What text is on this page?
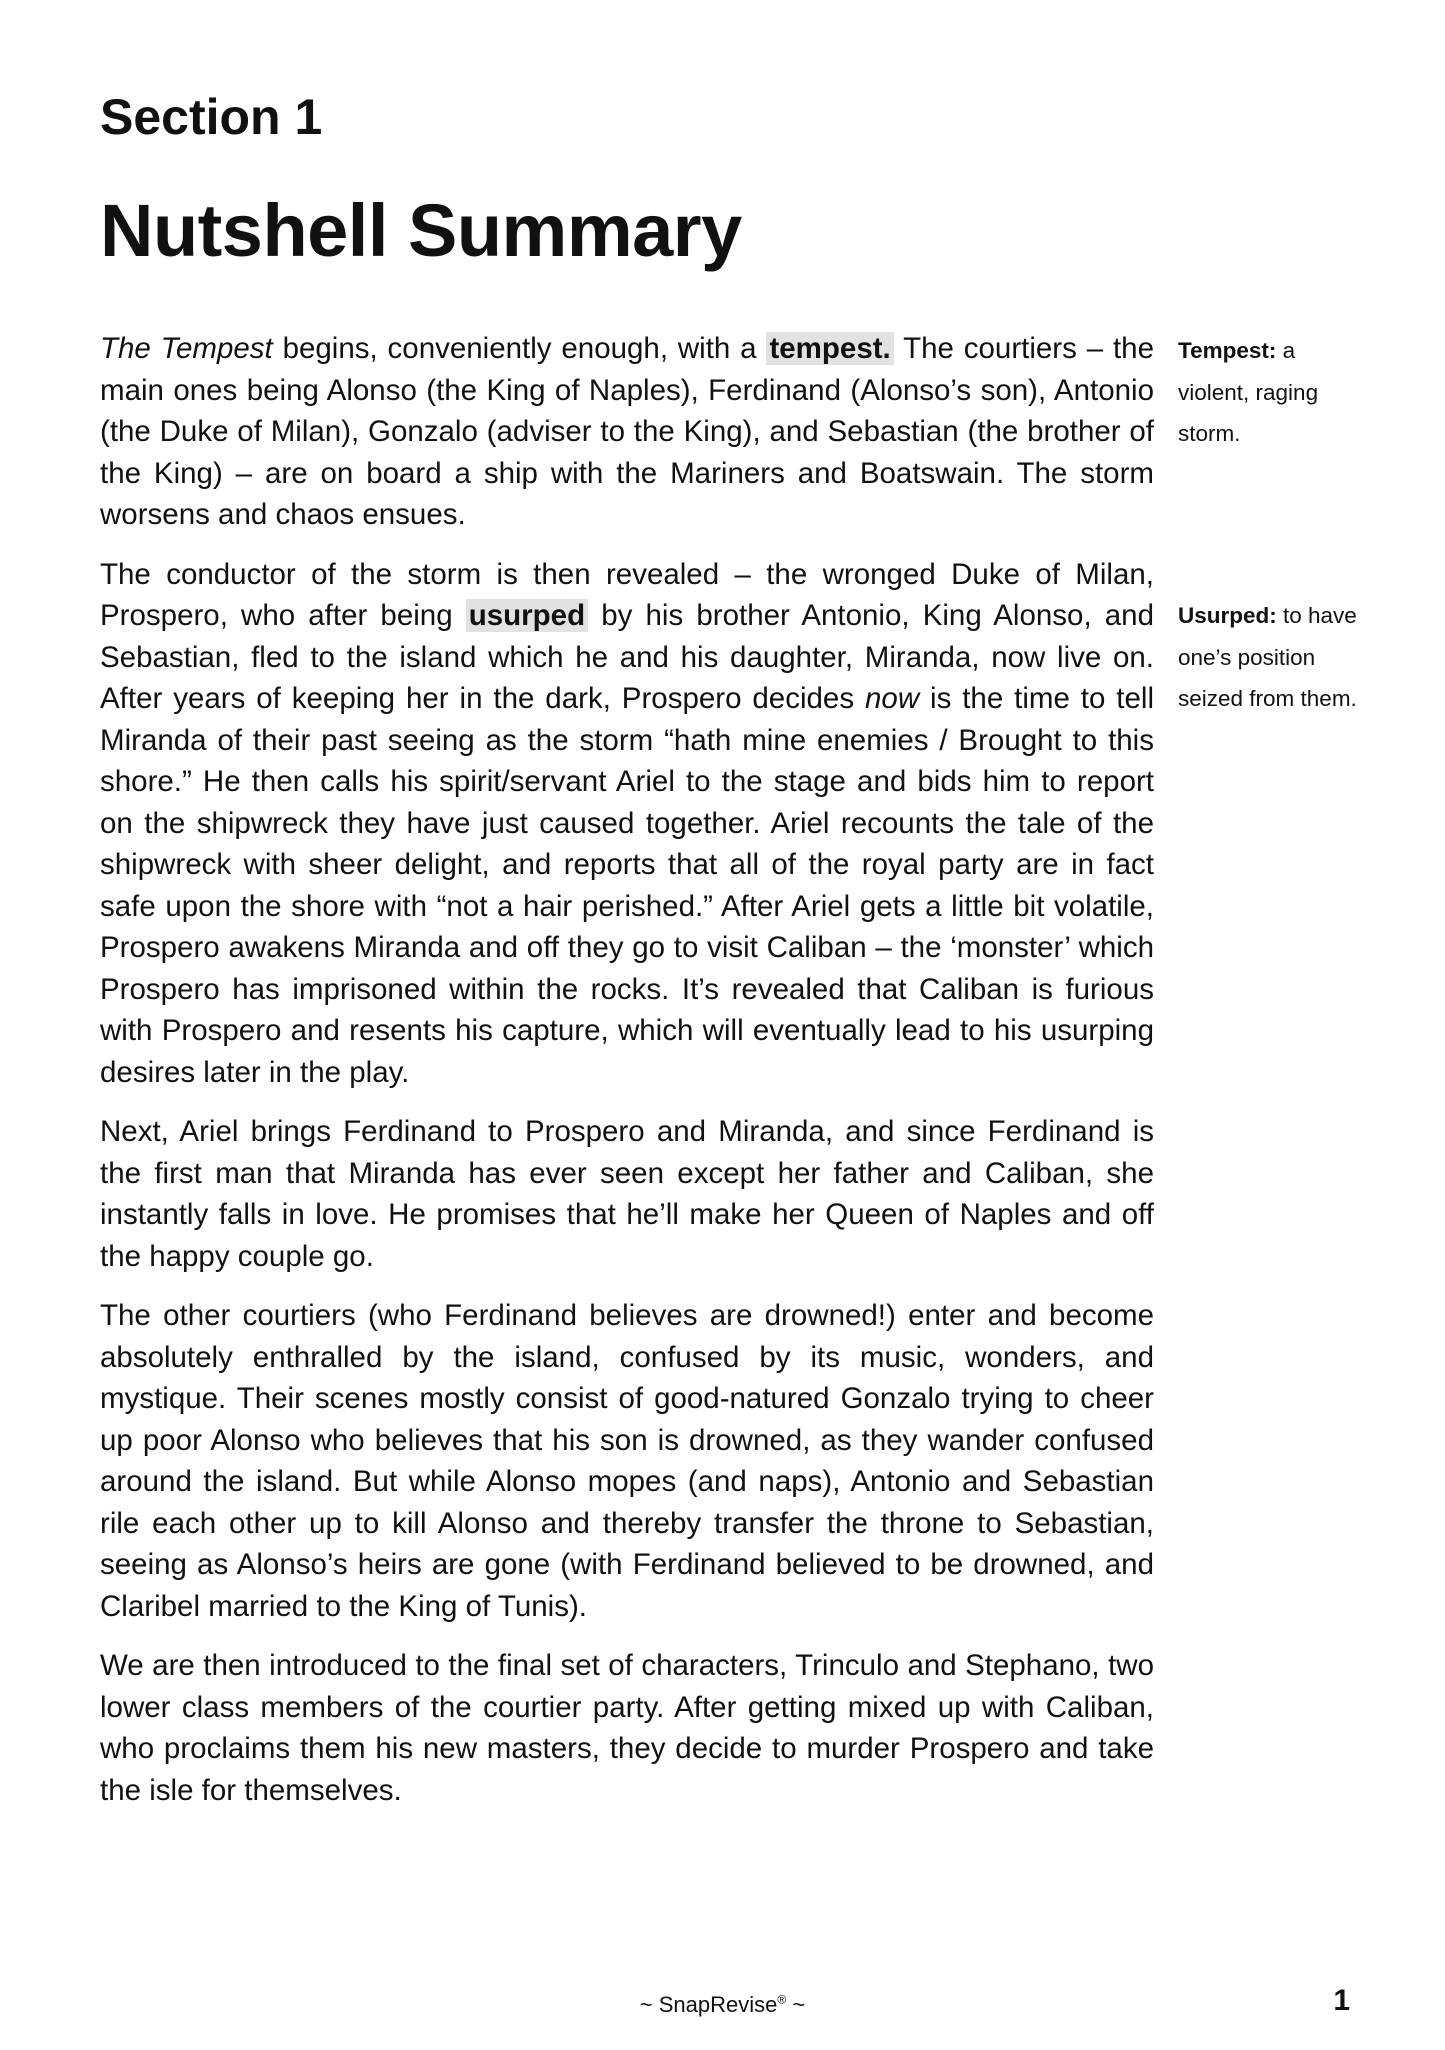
Section 1
Nutshell Summary

The Tempest begins, conveniently enough, with a tempest. The courtiers – the main ones being Alonso (the King of Naples), Ferdinand (Alonso’s son), Antonio (the Duke of Milan), Gonzalo (adviser to the King), and Sebastian (the brother of the King) – are on board a ship with the Mariners and Boatswain. The storm worsens and chaos ensues.

The conductor of the storm is then revealed – the wronged Duke of Milan, Prospero, who after being usurped by his brother Antonio, King Alonso, and Sebastian, fled to the island which he and his daughter, Miranda, now live on. After years of keeping her in the dark, Prospero decides now is the time to tell Miranda of their past seeing as the storm “hath mine enemies / Brought to this shore.” He then calls his spirit/servant Ariel to the stage and bids him to report on the shipwreck they have just caused together. Ariel recounts the tale of the shipwreck with sheer delight, and reports that all of the royal party are in fact safe upon the shore with “not a hair perished.” After Ariel gets a little bit volatile, Prospero awakens Miranda and off they go to visit Caliban – the ‘monster’ which Prospero has imprisoned within the rocks. It’s revealed that Caliban is furious with Prospero and resents his capture, which will eventually lead to his usurping desires later in the play.

Next, Ariel brings Ferdinand to Prospero and Miranda, and since Ferdinand is the first man that Miranda has ever seen except her father and Caliban, she instantly falls in love. He promises that he’ll make her Queen of Naples and off the happy couple go.

The other courtiers (who Ferdinand believes are drowned!) enter and become absolutely enthralled by the island, confused by its music, wonders, and mystique. Their scenes mostly consist of good-natured Gonzalo trying to cheer up poor Alonso who believes that his son is drowned, as they wander confused around the island. But while Alonso mopes (and naps), Antonio and Sebastian rile each other up to kill Alonso and thereby transfer the throne to Sebastian, seeing as Alonso’s heirs are gone (with Ferdinand believed to be drowned, and Claribel married to the King of Tunis).

We are then introduced to the final set of characters, Trinculo and Stephano, two lower class members of the courtier party. After getting mixed up with Caliban, who proclaims them his new masters, they decide to murder Prospero and take the isle for themselves.

Tempest: a violent, raging storm.
Usurped: to have one’s position seized from them.
~ SnapRevise® ~	1
